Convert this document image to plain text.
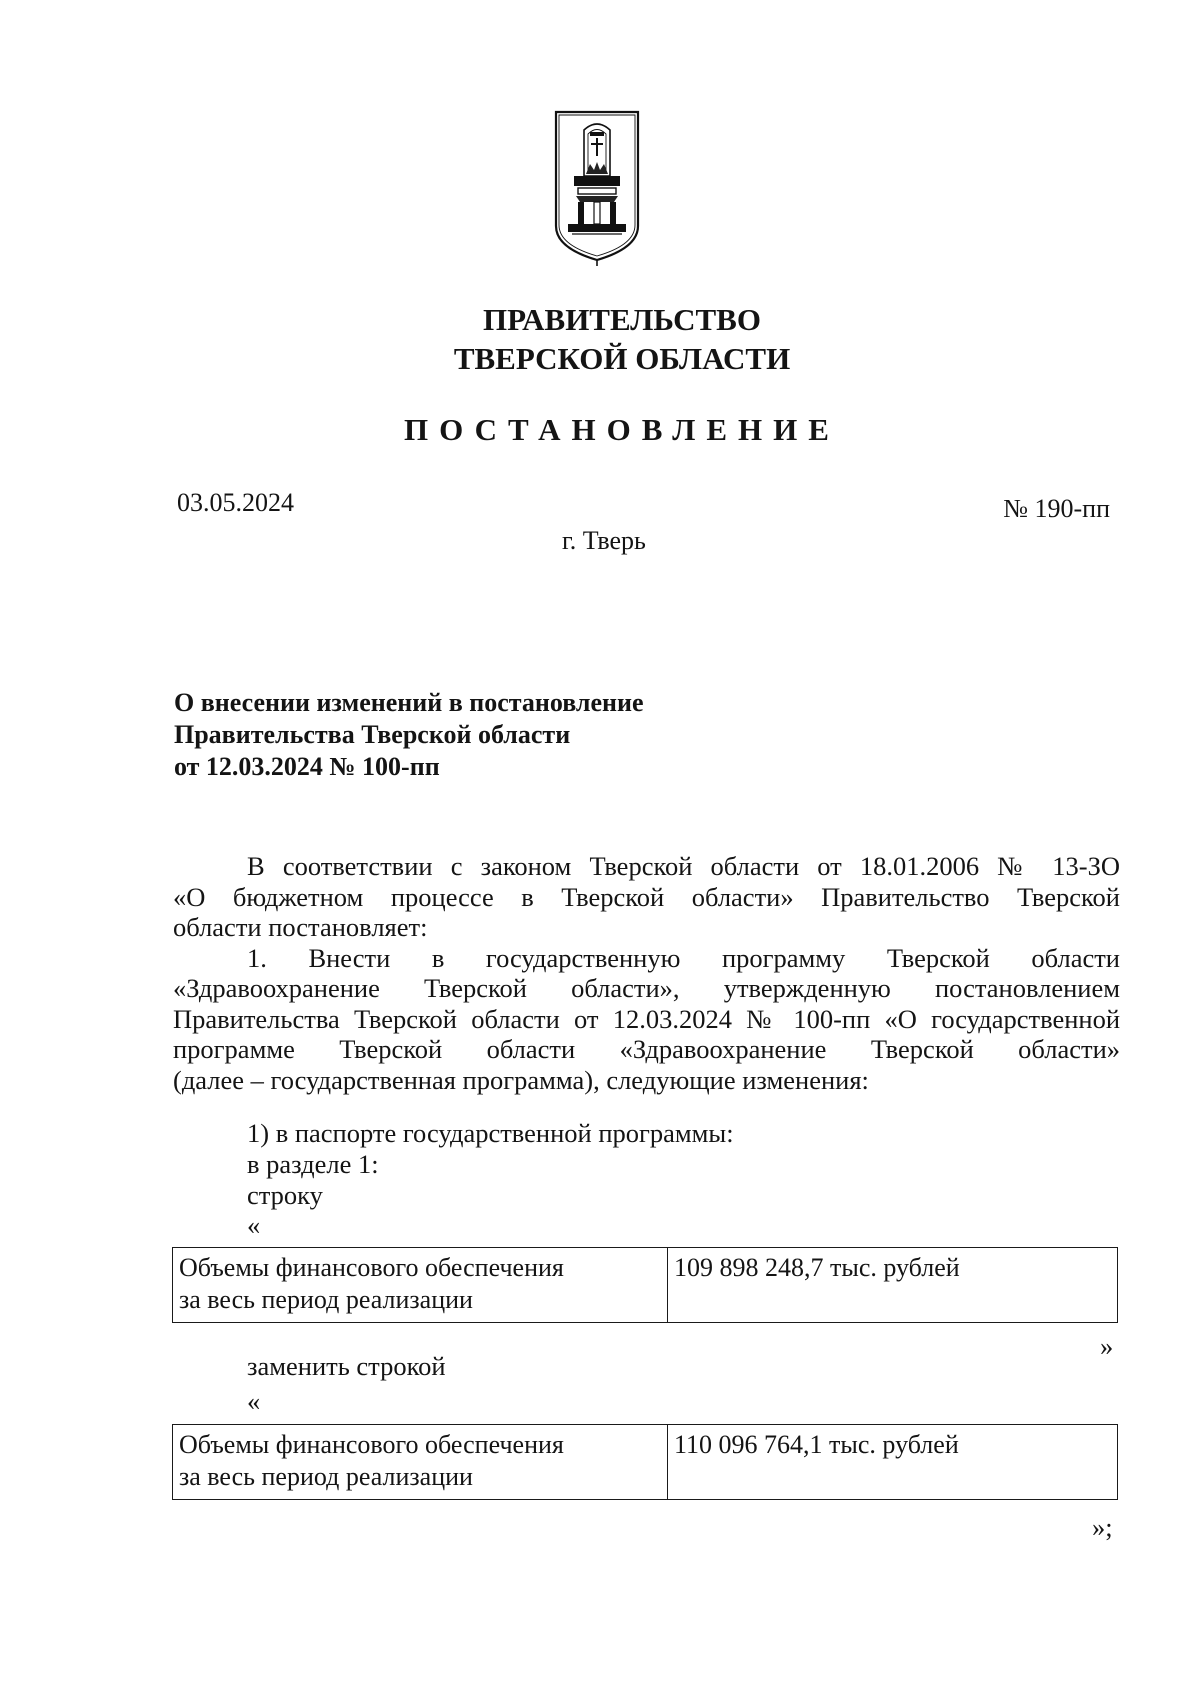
ПРАВИТЕЛЬСТВО
ТВЕРСКОЙ ОБЛАСТИ
ПОСТАНОВЛЕНИЕ
03.05.2024	№ 190-пп
г. Тверь
О внесении изменений в постановление
Правительства Тверской области
от 12.03.2024 № 100-пп
В соответствии с законом Тверской области от 18.01.2006 № 13-ЗО
«О бюджетном процессе в Тверской области» Правительство Тверской
области постановляет:
1. Внести в государственную программу Тверской области
«Здравоохранение Тверской области», утвержденную постановлением
Правительства Тверской области от 12.03.2024 № 100-пп «О государственной
программе Тверской области «Здравоохранение Тверской области»
(далее – государственная программа), следующие изменения:
1) в паспорте государственной программы:
в разделе 1:
строку
«
Объемы финансового обеспечения
за весь период реализации
	109 898 248,7 тыс. рублей
»
заменить строкой
«
Объемы финансового обеспечения
за весь период реализации
	110 096 764,1 тыс. рублей
»;
